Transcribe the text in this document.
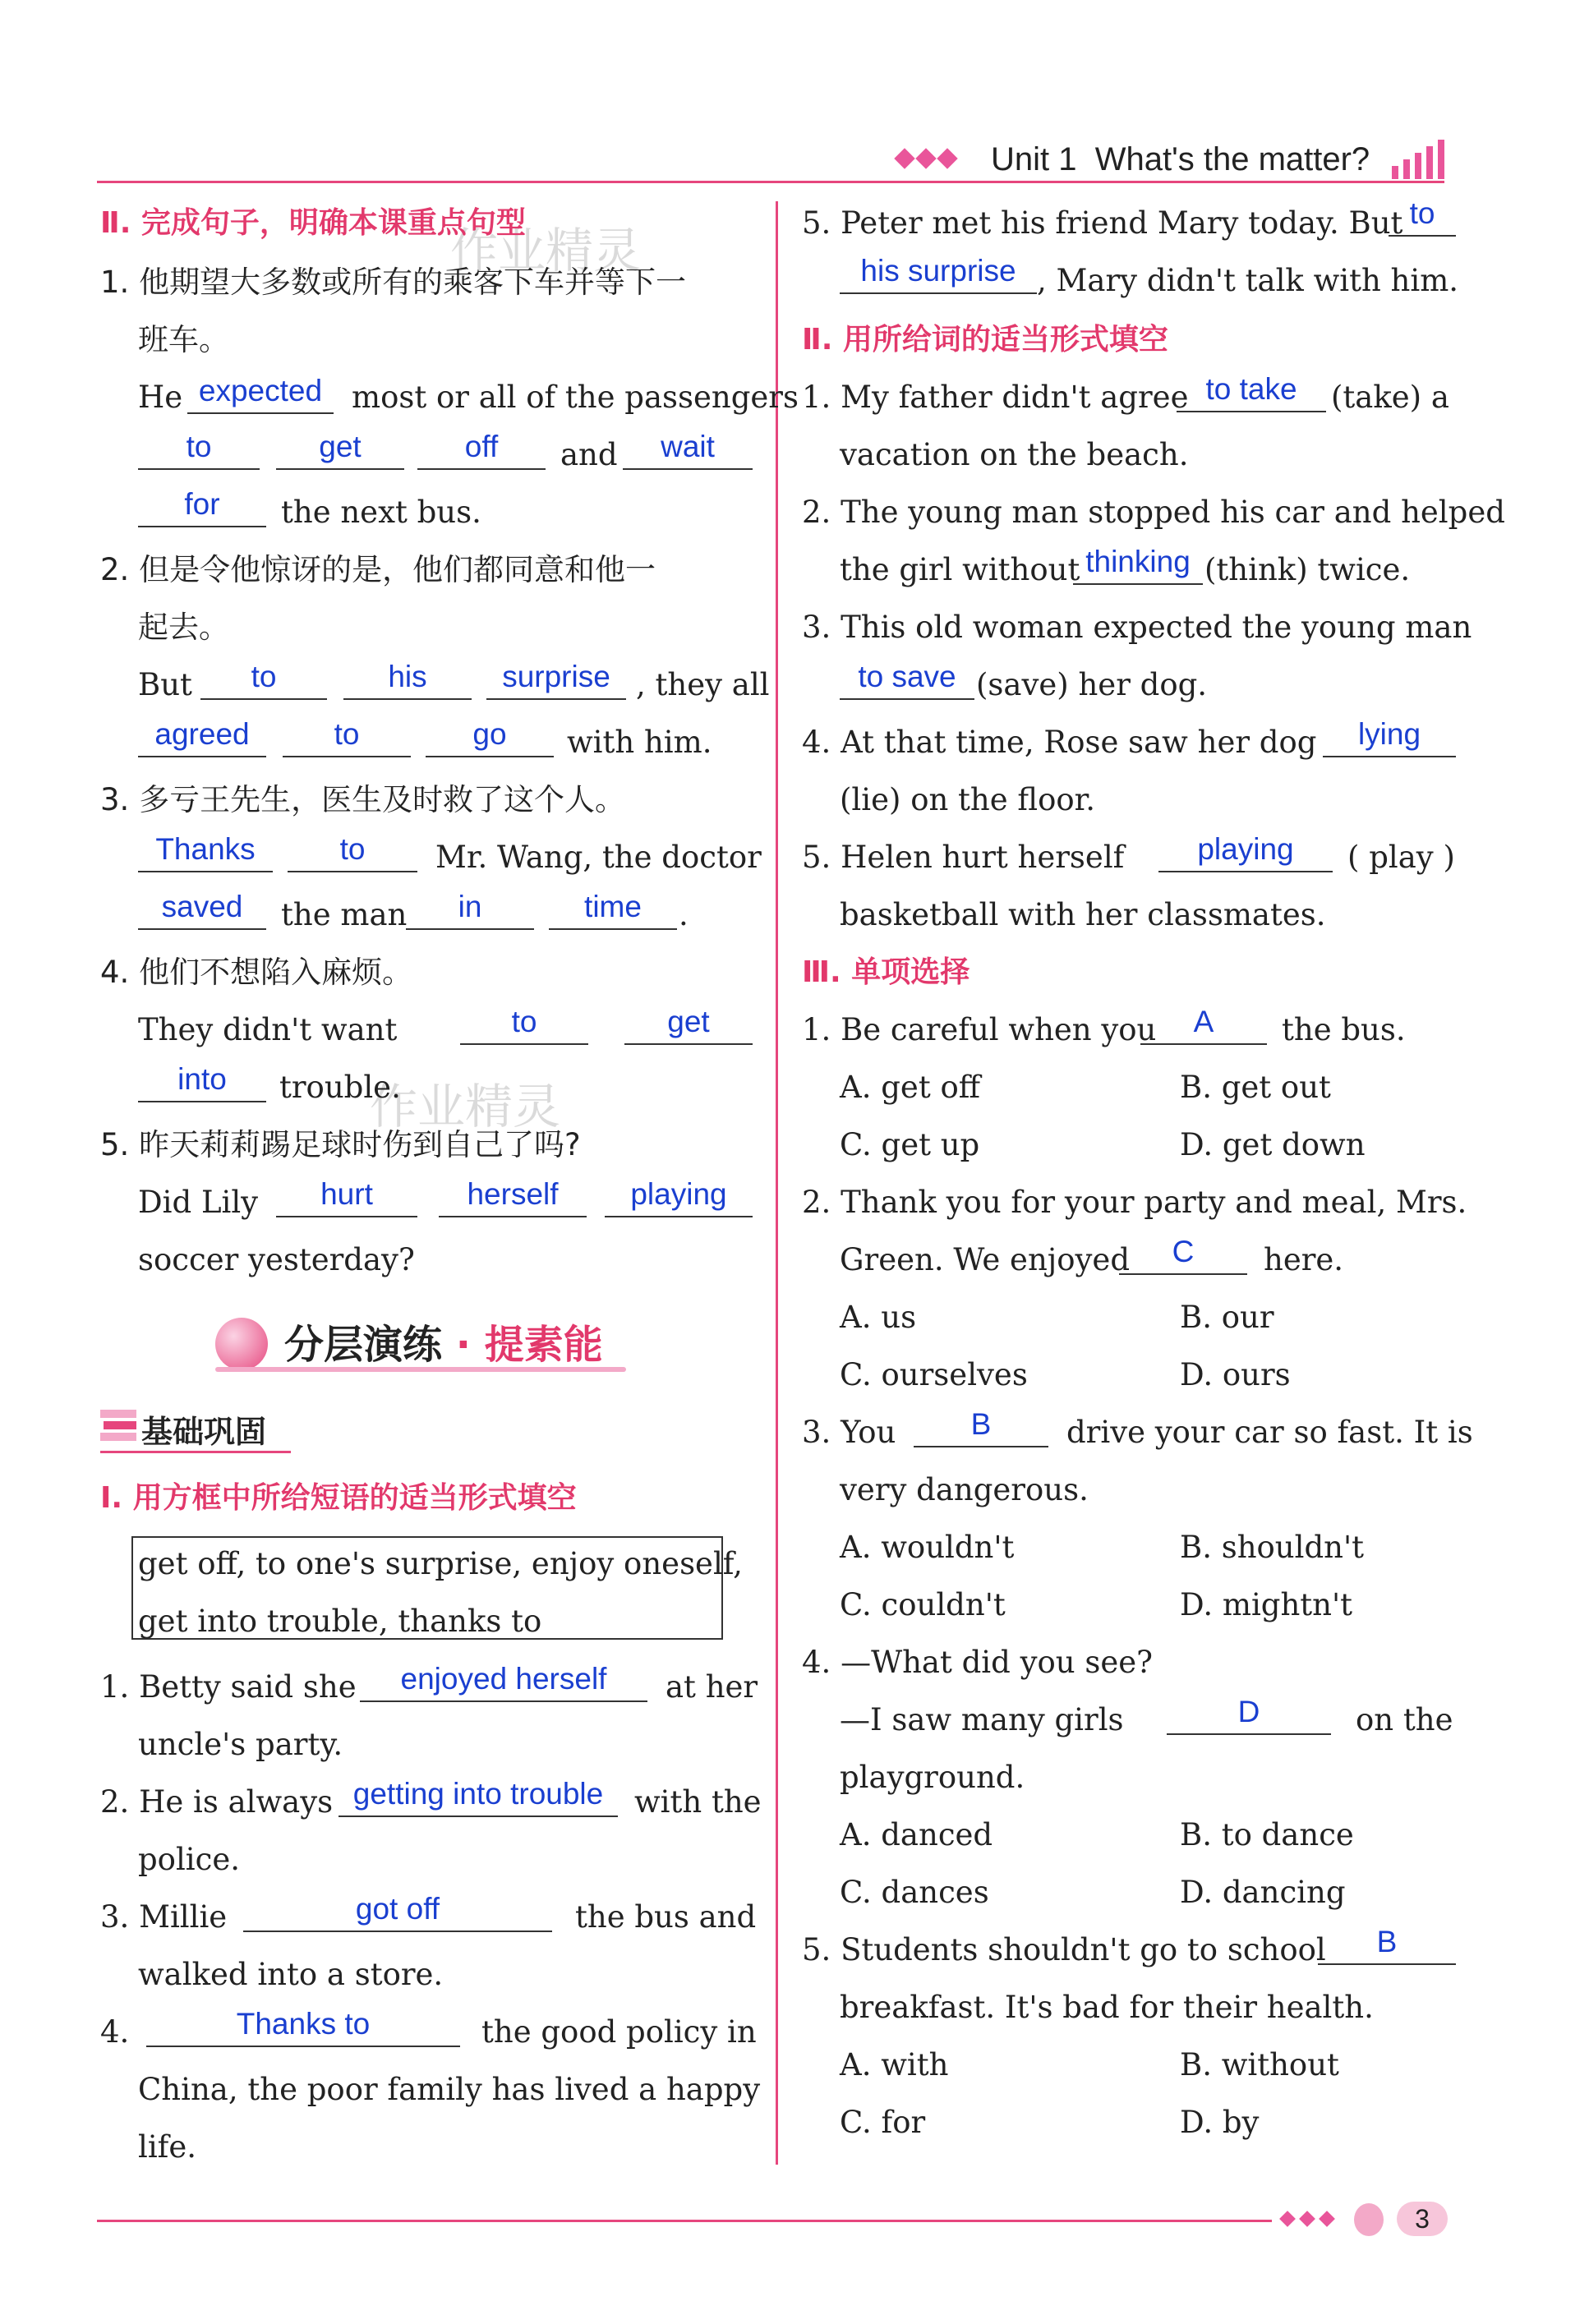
Unit 1 What's the matter?
作业精灵
作业精灵
Ⅱ. 完成句子，明确本课重点句型
1. 他期望大多数或所有的乘客下车并等下一
班车。
He expected most or all of the passengers
to	get	off	and	wait
for	the next bus.
2. 但是令他惊讶的是，他们都同意和他一
起去。
But	to	his	surprise , they all
agreed	to	go	with him.
3. 多亏王先生，医生及时救了这个人。
Thanks	to	Mr. Wang, the doctor
saved	the man	in	time	.
4. 他们不想陷入麻烦。
They didn't want	to	get
into	trouble.
5. 昨天莉莉踢足球时伤到自己了吗?
Did Lily	hurt	herself	playing
soccer yesterday?
分层演练 · 提素能
基础巩固
Ⅰ. 用方框中所给短语的适当形式填空
get off, to one's surprise, enjoy oneself,
get into trouble, thanks to
1. Betty said she	enjoyed herself	at her
uncle's party.
2. He is always getting into trouble	with the
police.
3. Millie	got off	the bus and
walked into a store.
4.	Thanks to	the good policy in
China, the poor family has lived a happy
life.
5. Peter met his friend Mary today. But to
his surprise , Mary didn't talk with him.
Ⅱ. 用所给词的适当形式填空
1. My father didn't agree to take	(take) a
vacation on the beach.
2. The young man stopped his car and helped
the girl without thinking (think) twice.
3. This old woman expected the young man
to save (save) her dog.
4. At that time, Rose saw her dog	lying
(lie) on the floor.
5. Helen hurt herself	playing	( play )
basketball with her classmates.
Ⅲ. 单项选择
1. Be careful when you	A	the bus.
A. get off	B. get out
C. get up	D. get down
2. Thank you for your party and meal, Mrs.
Green. We enjoyed	C	here.
A. us	B. our
C. ourselves	D. ours
3. You	B	drive your car so fast. It is
very dangerous.
A. wouldn't	B. shouldn't
C. couldn't	D. mightn't
4. —What did you see?
—I saw many girls	D	on the
playground.
A. danced	B. to dance
C. dances	D. dancing
5. Students shouldn't go to school	B
breakfast. It's bad for their health.
A. with	B. without
C. for	D. by
3
